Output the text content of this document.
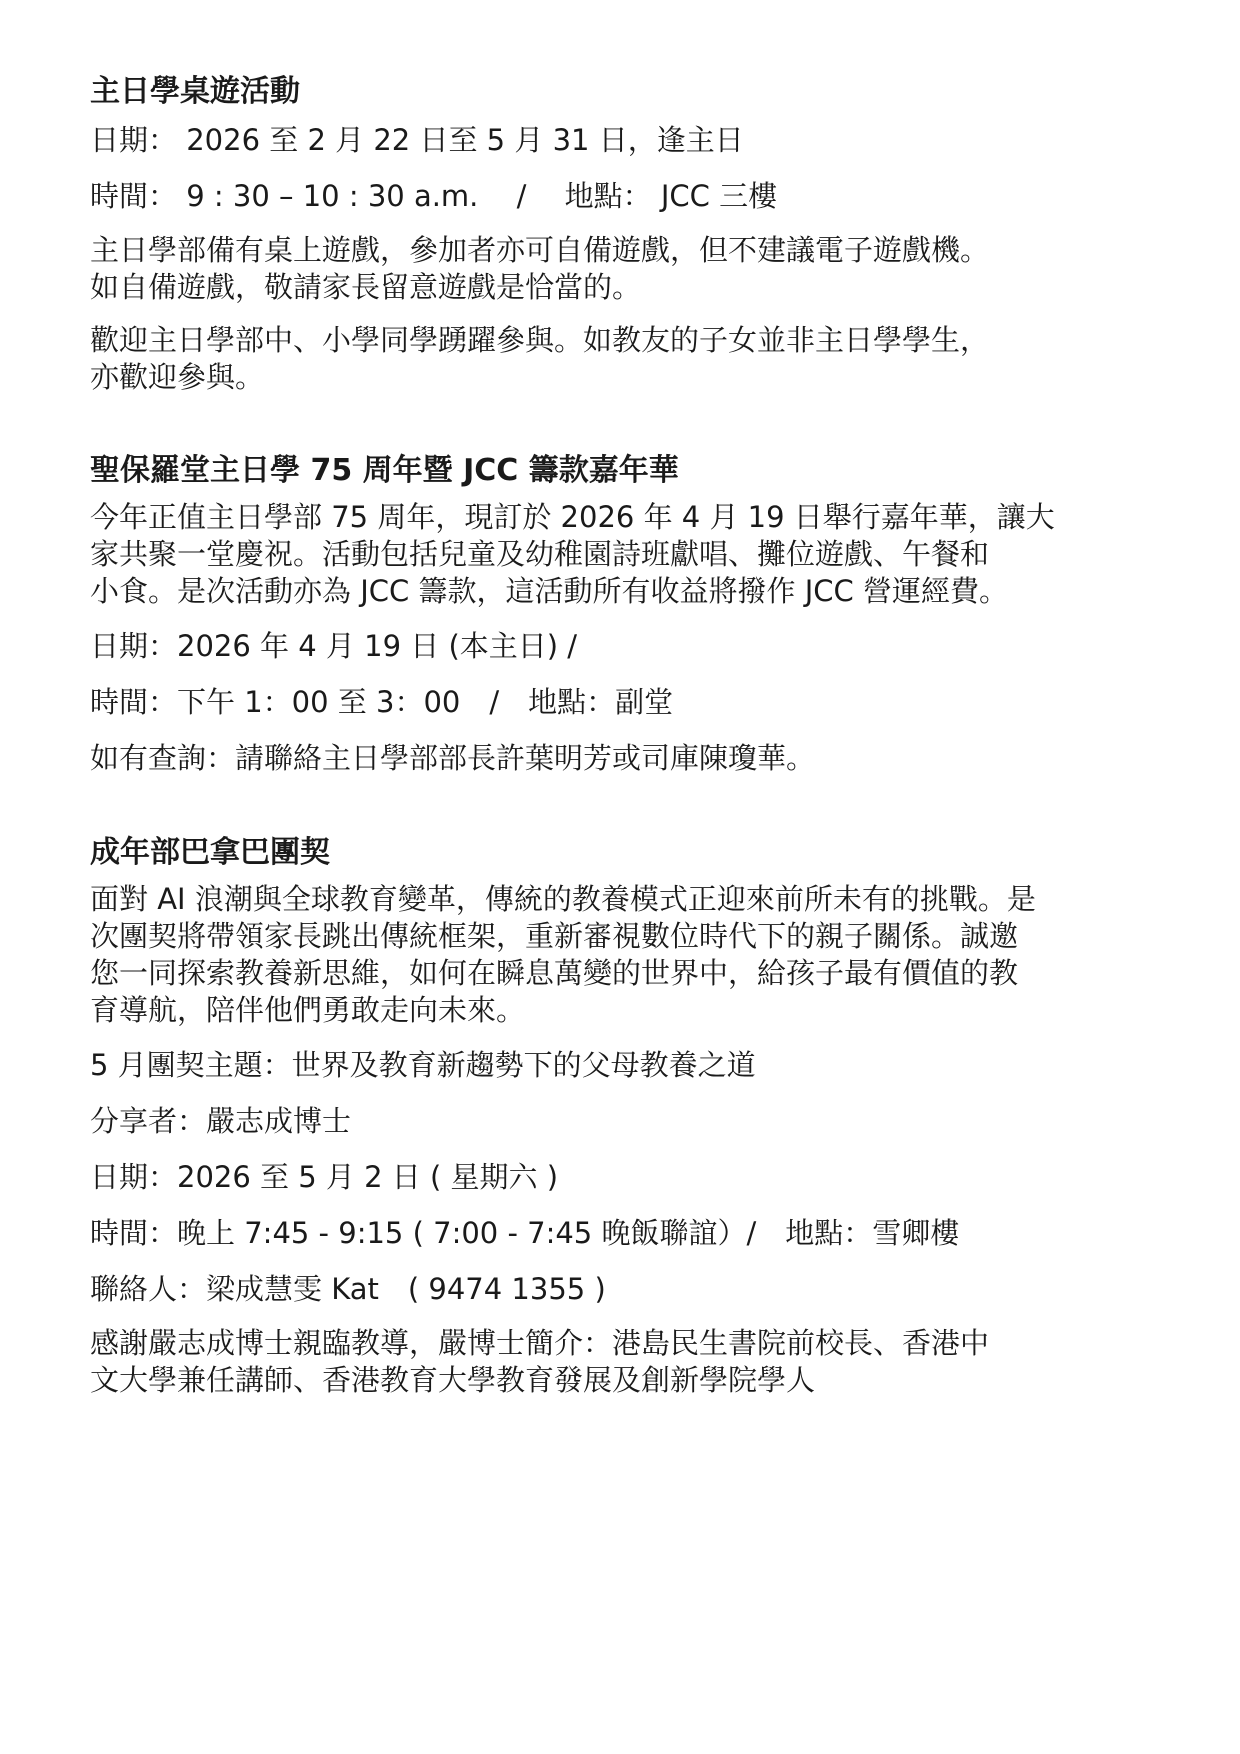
主日學桌遊活動
日期： 2026 至 2 月 22 日至 5 月 31 日，逢主日
時間： 9 : 30 – 10 : 30 a.m.　 / 　地點： JCC 三樓
主日學部備有桌上遊戲，參加者亦可自備遊戲，但不建議電子遊戲機。
如自備遊戲，敬請家長留意遊戲是恰當的。
歡迎主日學部中、小學同學踴躍參與。如教友的子女並非主日學學生，
亦歡迎參與。
聖保羅堂主日學 75 周年暨 JCC 籌款嘉年華
今年正值主日學部 75 周年，現訂於 2026 年 4 月 19 日舉行嘉年華，讓大
家共聚一堂慶祝。活動包括兒童及幼稚園詩班獻唱、攤位遊戲、午餐和
小食。是次活動亦為 JCC 籌款，這活動所有收益將撥作 JCC 營運經費。
日期：2026 年 4 月 19 日 (本主日) /
時間：下午 1：00 至 3：00　/　地點：副堂
如有查詢：請聯絡主日學部部長許葉明芳或司庫陳瓊華。
成年部巴拿巴團契
面對 AI 浪潮與全球教育變革，傳統的教養模式正迎來前所未有的挑戰。是
次團契將帶領家長跳出傳統框架，重新審視數位時代下的親子關係。誠邀
您一同探索教養新思維，如何在瞬息萬變的世界中，給孩子最有價值的教
育導航，陪伴他們勇敢走向未來。
5 月團契主題：世界及教育新趨勢下的父母教養之道
分享者：嚴志成博士
日期：2026 至 5 月 2 日 ( 星期六 )
時間：晚上 7:45 - 9:15 ( 7:00 - 7:45 晚飯聯誼）/　地點：雪卿樓
聯絡人：梁成慧雯 Kat　( 9474 1355 )
感謝嚴志成博士親臨教導，嚴博士簡介：港島民生書院前校長、香港中
文大學兼任講師、香港教育大學教育發展及創新學院學人
